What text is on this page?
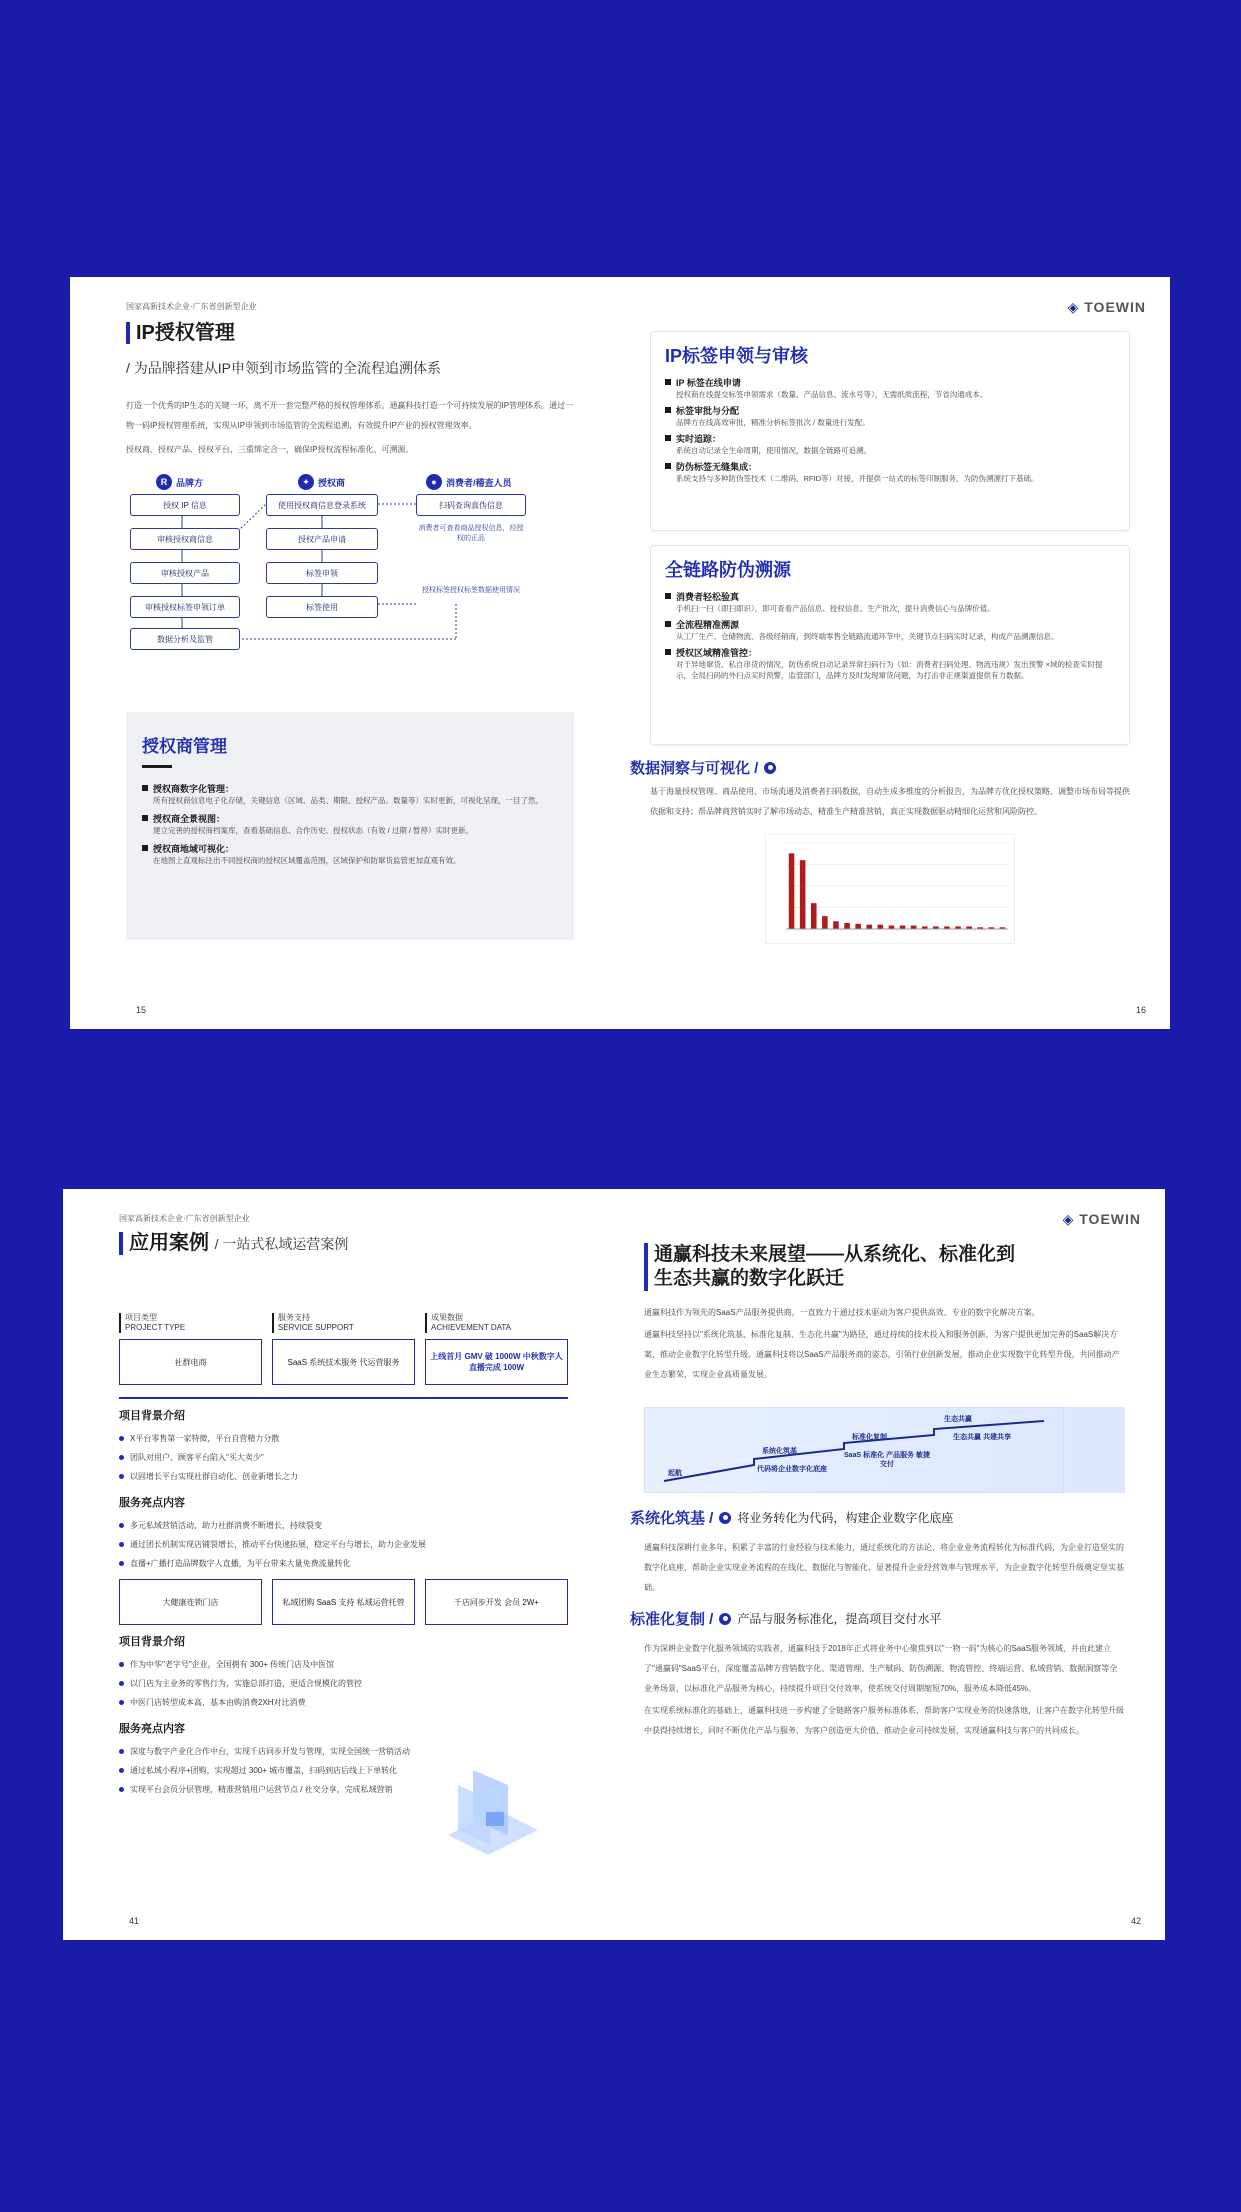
国家高新技术企业·广东省创新型企业
IP授权管理
/ 为品牌搭建从IP申领到市场监管的全流程追溯体系
打造一个优秀的IP生态的关键一环，离不开一套完整严格的授权管理体系。通赢科技打造一个可持续发展的IP管理体系。通过一物一码IP授权管理系统，实现从IP申领到市场监管的全流程追溯，有效提升IP产业的授权管理效率。
授权商、授权产品、授权平台，三重绑定合一，确保IP授权流程标准化、可溯源。
R 品牌方	✦ 授权商	●	消费者/稽查人员
授权 IP 信息
审核授权商信息
审核授权产品
审核授权标签申领订单
数据分析及监管
使用授权商信息登录系统
授权产品申请
标签申领
标签使用
扫码查询真伪信息
消费者可查看商品授权信息，经授权的正品
授权标签授权标签数据使用情况
授权商管理
授权商数字化管理：
所有授权商信息电子化存储，关键信息（区域、品类、期限、授权产品、数量等）实时更新，可视化呈现，一目了然。
授权商全景视图：
建立完善的授权商档案库，查看基础信息、合作历史、授权状态（有效 / 过期 / 暂停）实时更新。
授权商地域可视化：
在地图上直观标注出不同授权商的授权区域覆盖范围，区域保护和防窜货监管更加直观有效。
15
◈ TOEWIN
IP标签申领与审核
IP 标签在线申请
授权商在线提交标签申领需求（数量、产品信息、流水号等），无需纸质流程，节省沟通成本。
标签审批与分配
品牌方在线高效审批，精准分析标签批次 / 数量进行发配。
实时追踪：
系统自动记录全生命周期，使用情况，数据全链路可追溯。
防伪标签无缝集成：
系统支持与多种防伪签技术（二维码、RFID等）对接，并提供一站式的标签印制服务，为防伪溯源打下基础。
全链路防伪溯源
消费者轻松验真
手机扫一扫（即扫即识），即可查看产品信息、授权信息、生产批次，提升消费信心与品牌价值。
全流程精准溯源
从工厂生产、仓储物流、各级经销商，到终端零售全链路流通环节中，关键节点扫码实时记录，构成产品溯源信息。
授权区域精准管控：
对于异地窜货、私自串货的情况，防伪系统自动记录异常扫码行为（如：消费者扫码处理、物流违规）发出预警 ×域的检查实时提示，全局扫码的外扫点实时预警，监管部门，品牌方及时发现窜货问题，为打击非正规渠道提供有力数据。
数据洞察与可视化 /
基于海量授权管理、商品使用、市场流通及消费者扫码数据，自动生成多维度的分析报告，为品牌方优化授权策略、调整市场布局等提供依据和支持；帮品牌商营销实时了解市场动态，精准生产精准营销，真正实现数据驱动精细化运营和风险防控。
16
国家高新技术企业·广东省创新型企业
应用案例 / 一站式私域运营案例
项目类型
PROJECT TYPE
社群电商
服务支持
SERVICE SUPPORT
SaaS 系统技术服务 代运营服务
成果数据
ACHIEVEMENT DATA
上线首月 GMV 破 1000W 中秋数字人直播完成 100W
项目背景介绍
X平台零售第一家特微，平台自营精力分散
团队对用户、顾客平台陷入"买大卖少"
以固增长平台实现社群自动化、创业新增长之力
服务亮点内容
多元私域营销活动，助力社群消费不断增长，持续裂变
通过团长机制实现店铺裂增长，推动平台快速拓展，稳定平台与增长，助力企业发展
直播+广播打造品牌数字人直播，为平台带来大量免费流量转化
大健康连锁门店	私域团购 SaaS 支持 私域运营托管	千店同步开发 会员 2W+
项目背景介绍
作为中华"老字号"企业，全国拥有 300+ 传统门店及中医馆
以门店为主业务的零售行为，实施总部打造，更适合规模化的管控
中医门店转型成本高，基本由购消费2XH对比消费
服务亮点内容
深度与数字产业化合作中台，实现千店同步开发与管理，实现全国统一营销活动
通过私域小程序+团购，实现超过 300+ 城市覆盖，扫码到店后线上下单转化
实现平台会员分层管理，精准营销用户运营节点 / 社交分享，完成私域营销
41
◈ TOEWIN
通赢科技未来展望——从系统化、标准化到生态共赢的数字化跃迁
通赢科技作为领先的SaaS产品服务提供商，一直致力于通过技术驱动为客户提供高效、专业的数字化解决方案。
通赢科技坚持以"系统化筑基、标准化复制、生态化共赢"为路径，通过持续的技术投入和服务创新，为客户提供更加完善的SaaS解决方案，推动企业数字化转型升级。通赢科技将以SaaS产品服务商的姿态，引领行业创新发展，推动企业实现数字化转型升级，共同推动产业生态繁荣，实现企业高质量发展。
起航
系统化筑基
代码将企业数字化底座
标准化复制
SaaS 标准化 产品服务 敏捷交付
生态共赢
生态共赢 共建共享
系统化筑基 / 将业务转化为代码，构建企业数字化底座
通赢科技深耕行业多年，积累了丰富的行业经验与技术能力，通过系统化的方法论，将企业业务流程转化为标准代码，为企业打造坚实的数字化底座，帮助企业实现业务流程的在线化、数据化与智能化，显著提升企业经营效率与管理水平，为企业数字化转型升级奠定坚实基础。
标准化复制 / 产品与服务标准化，提高项目交付水平
作为深耕企业数字化服务领域的实践者，通赢科技于2018年正式将业务中心聚焦到以"一物一码"为核心的SaaS服务领域，并由此建立了"通赢码"SaaS平台，深度覆盖品牌方营销数字化、渠道管理、生产赋码、防伪溯源、物流管控、终端运营、私域营销、数据洞察等全业务场景，以标准化产品服务为核心，持续提升项目交付效率，使系统交付周期缩短70%，服务成本降低45%。
在实现系统标准化的基础上，通赢科技进一步构建了全链路客户服务标准体系，帮助客户实现业务的快速落地，让客户在数字化转型升级中获得持续增长，同时不断优化产品与服务，为客户创造更大价值，推动企业可持续发展，实现通赢科技与客户的共同成长。
42
